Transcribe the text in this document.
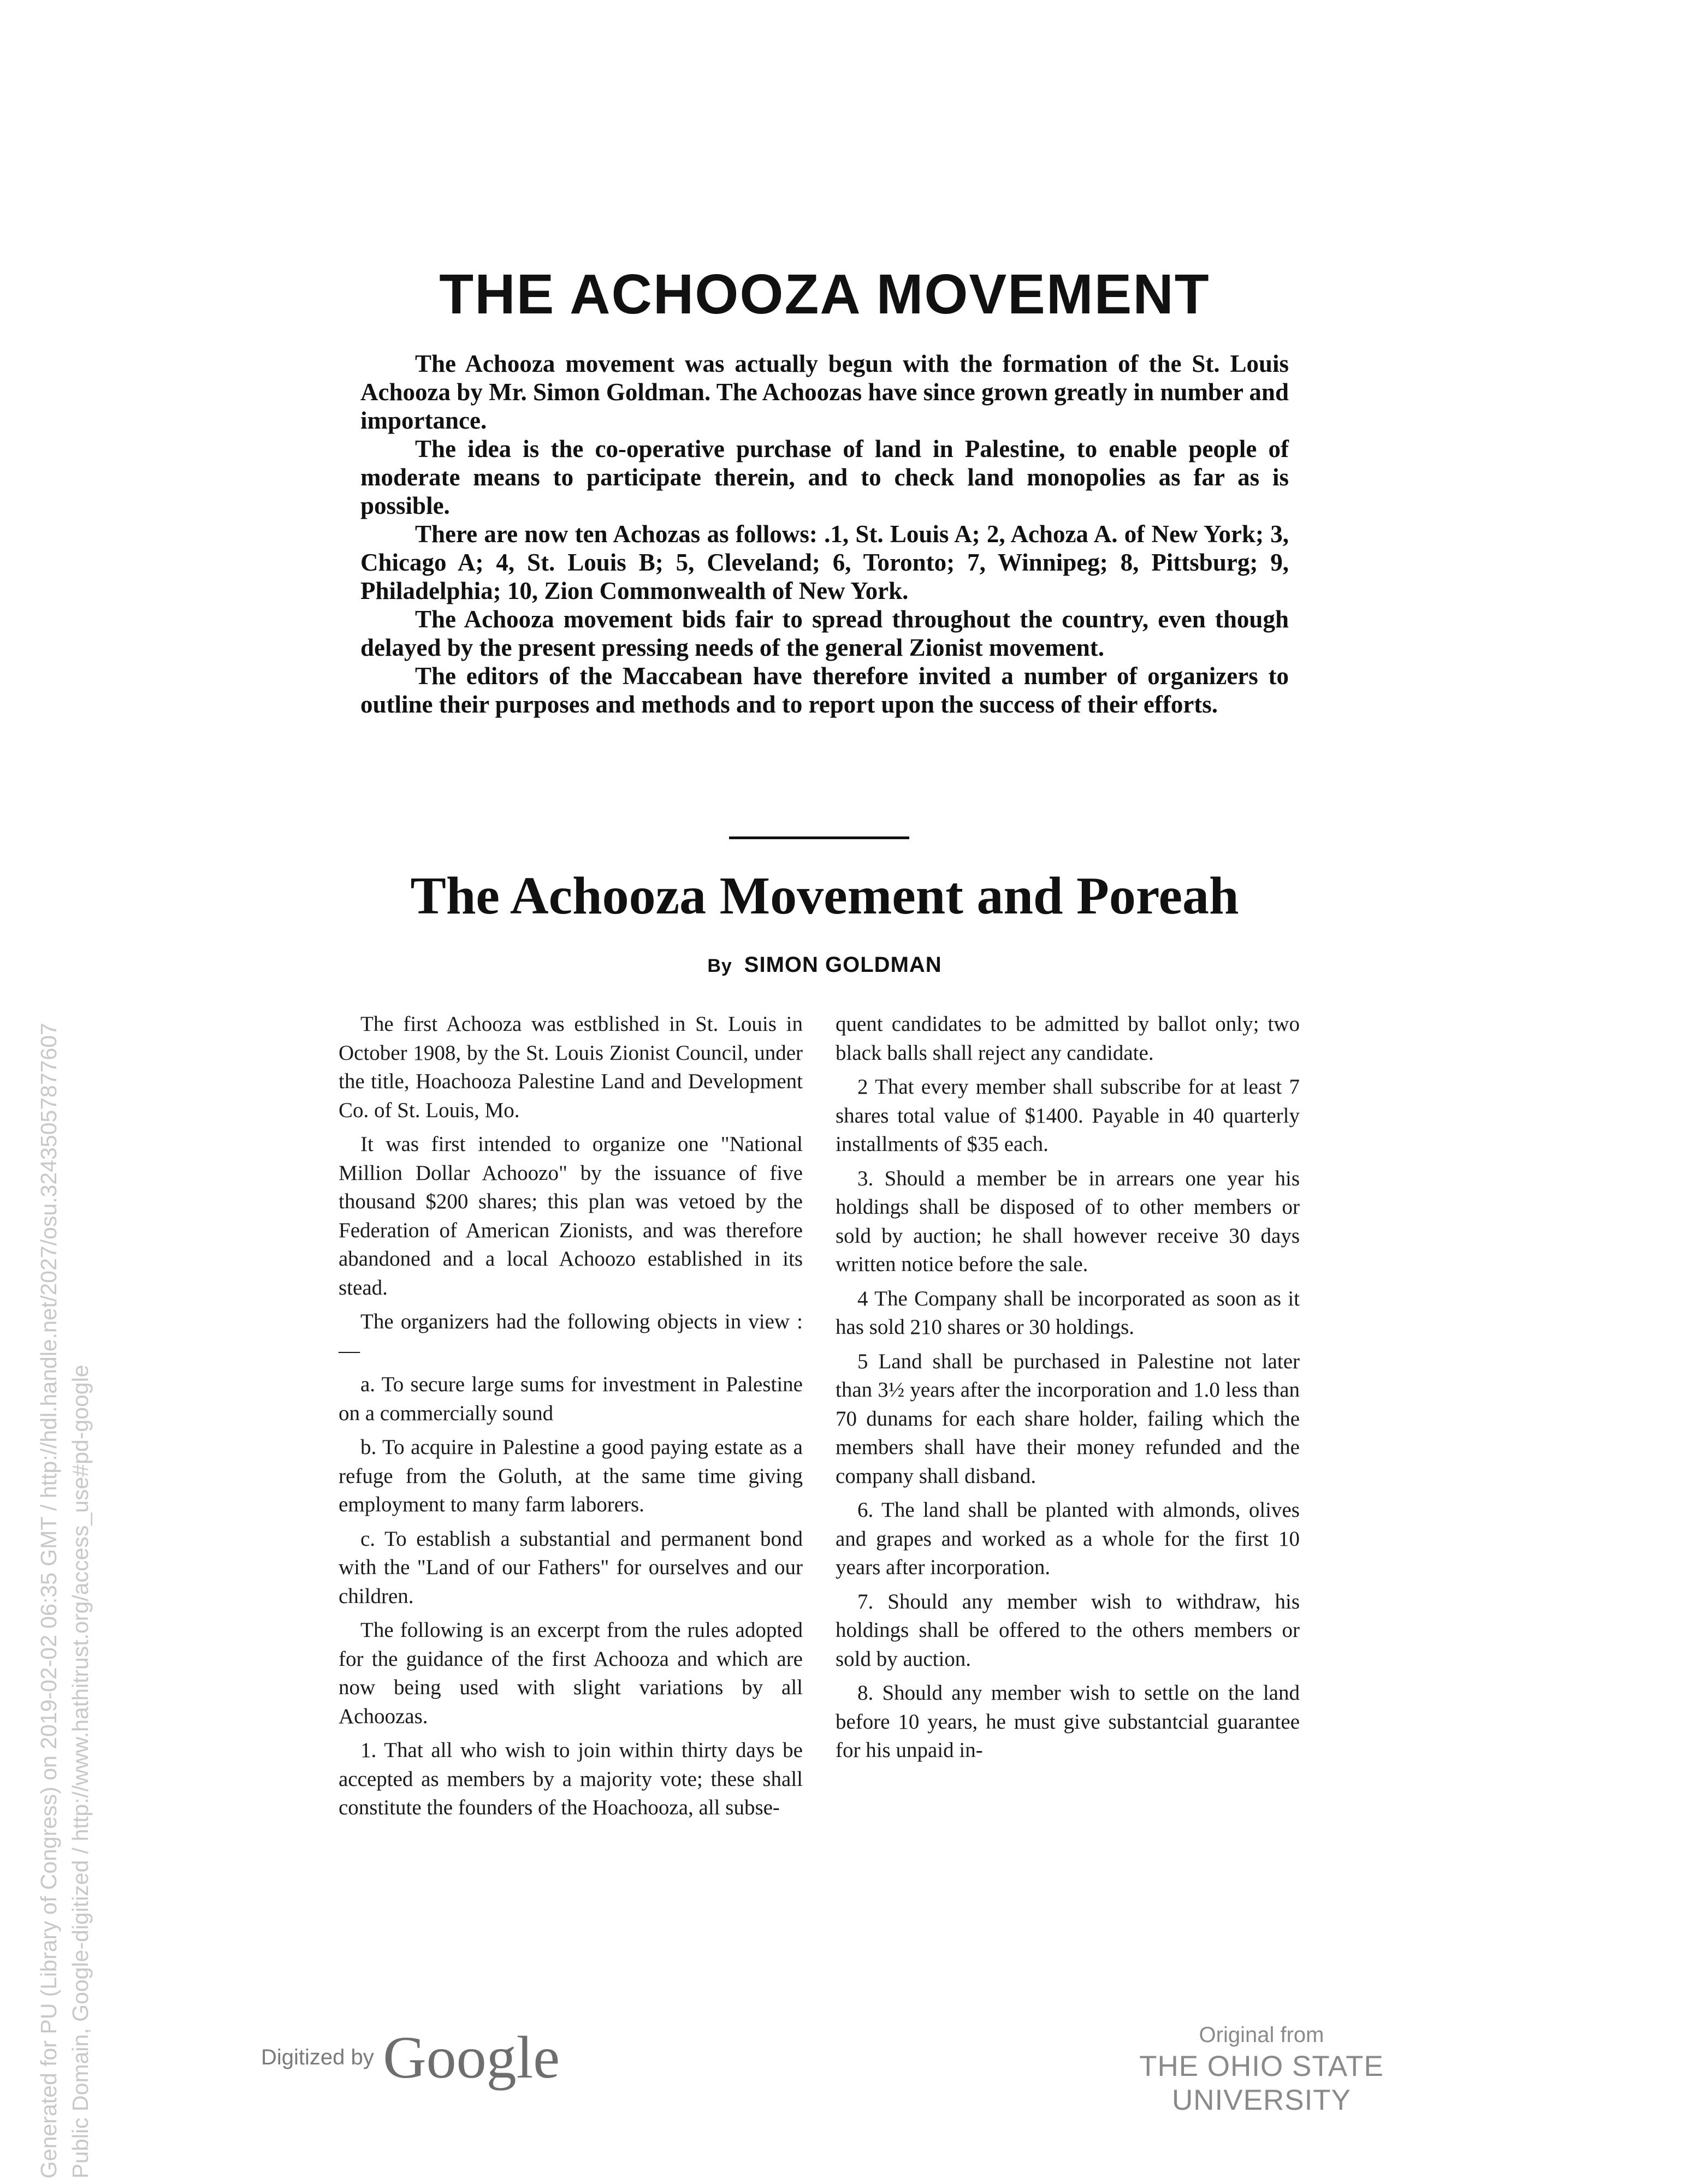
Generated for PU (Library of Congress) on 2019-02-02 06:35 GMT / http://hdl.handle.net/2027/osu.32435057877607 Public Domain, Google-digitized / http://www.hathitrust.org/access_use#pd-google
THE ACHOOZA MOVEMENT

The Achooza movement was actually begun with the formation of the St. Louis Achooza by Mr. Simon Goldman. The Achoozas have since grown greatly in number and importance.

The idea is the co-operative purchase of land in Palestine, to enable people of moderate means to participate therein, and to check land monopolies as far as is possible.

There are now ten Achozas as follows: .1, St. Louis A; 2, Achoza A. of New York; 3, Chicago A; 4, St. Louis B; 5, Cleveland; 6, Toronto; 7, Winnipeg; 8, Pittsburg; 9, Philadelphia; 10, Zion Commonwealth of New York.

The Achooza movement bids fair to spread throughout the country, even though delayed by the present pressing needs of the general Zionist movement.

The editors of the Maccabean have therefore invited a number of organizers to outline their purposes and methods and to report upon the success of their efforts.

The Achooza Movement and Poreah
By SIMON GOLDMAN

The first Achooza was estblished in St. Louis in October 1908, by the St. Louis Zionist Council, under the title, Hoachooza Palestine Land and Development Co. of St. Louis, Mo.

It was first intended to organize one "National Million Dollar Achoozo" by the issuance of five thousand $200 shares; this plan was vetoed by the Federation of American Zionists, and was therefore abandoned and a local Achoozo established in its stead.

The organizers had the following objects in view :—

a. To secure large sums for investment in Palestine on a commercially sound

b. To acquire in Palestine a good paying estate as a refuge from the Goluth, at the same time giving employment to many farm laborers.

c. To establish a substantial and permanent bond with the "Land of our Fathers" for ourselves and our children.

The following is an excerpt from the rules adopted for the guidance of the first Achooza and which are now being used with slight variations by all Achoozas.

1. That all who wish to join within thirty days be accepted as members by a majority vote; these shall constitute the founders of the Hoachooza, all subse-

quent candidates to be admitted by ballot only; two black balls shall reject any candidate.

2 That every member shall subscribe for at least 7 shares total value of $1400. Payable in 40 quarterly installments of $35 each.

3. Should a member be in arrears one year his holdings shall be disposed of to other members or sold by auction; he shall however receive 30 days written notice before the sale.

4 The Company shall be incorporated as soon as it has sold 210 shares or 30 holdings.

5 Land shall be purchased in Palestine not later than 3½ years after the incorporation and 1.0 less than 70 dunams for each share holder, failing which the members shall have their money refunded and the company shall disband.

6. The land shall be planted with almonds, olives and grapes and worked as a whole for the first 10 years after incorporation.

7. Should any member wish to withdraw, his holdings shall be offered to the others members or sold by auction.

8. Should any member wish to settle on the land before 10 years, he must give substantcial guarantee for his unpaid in-

Digitized by Google	Original from
THE OHIO STATE UNIVERSITY
